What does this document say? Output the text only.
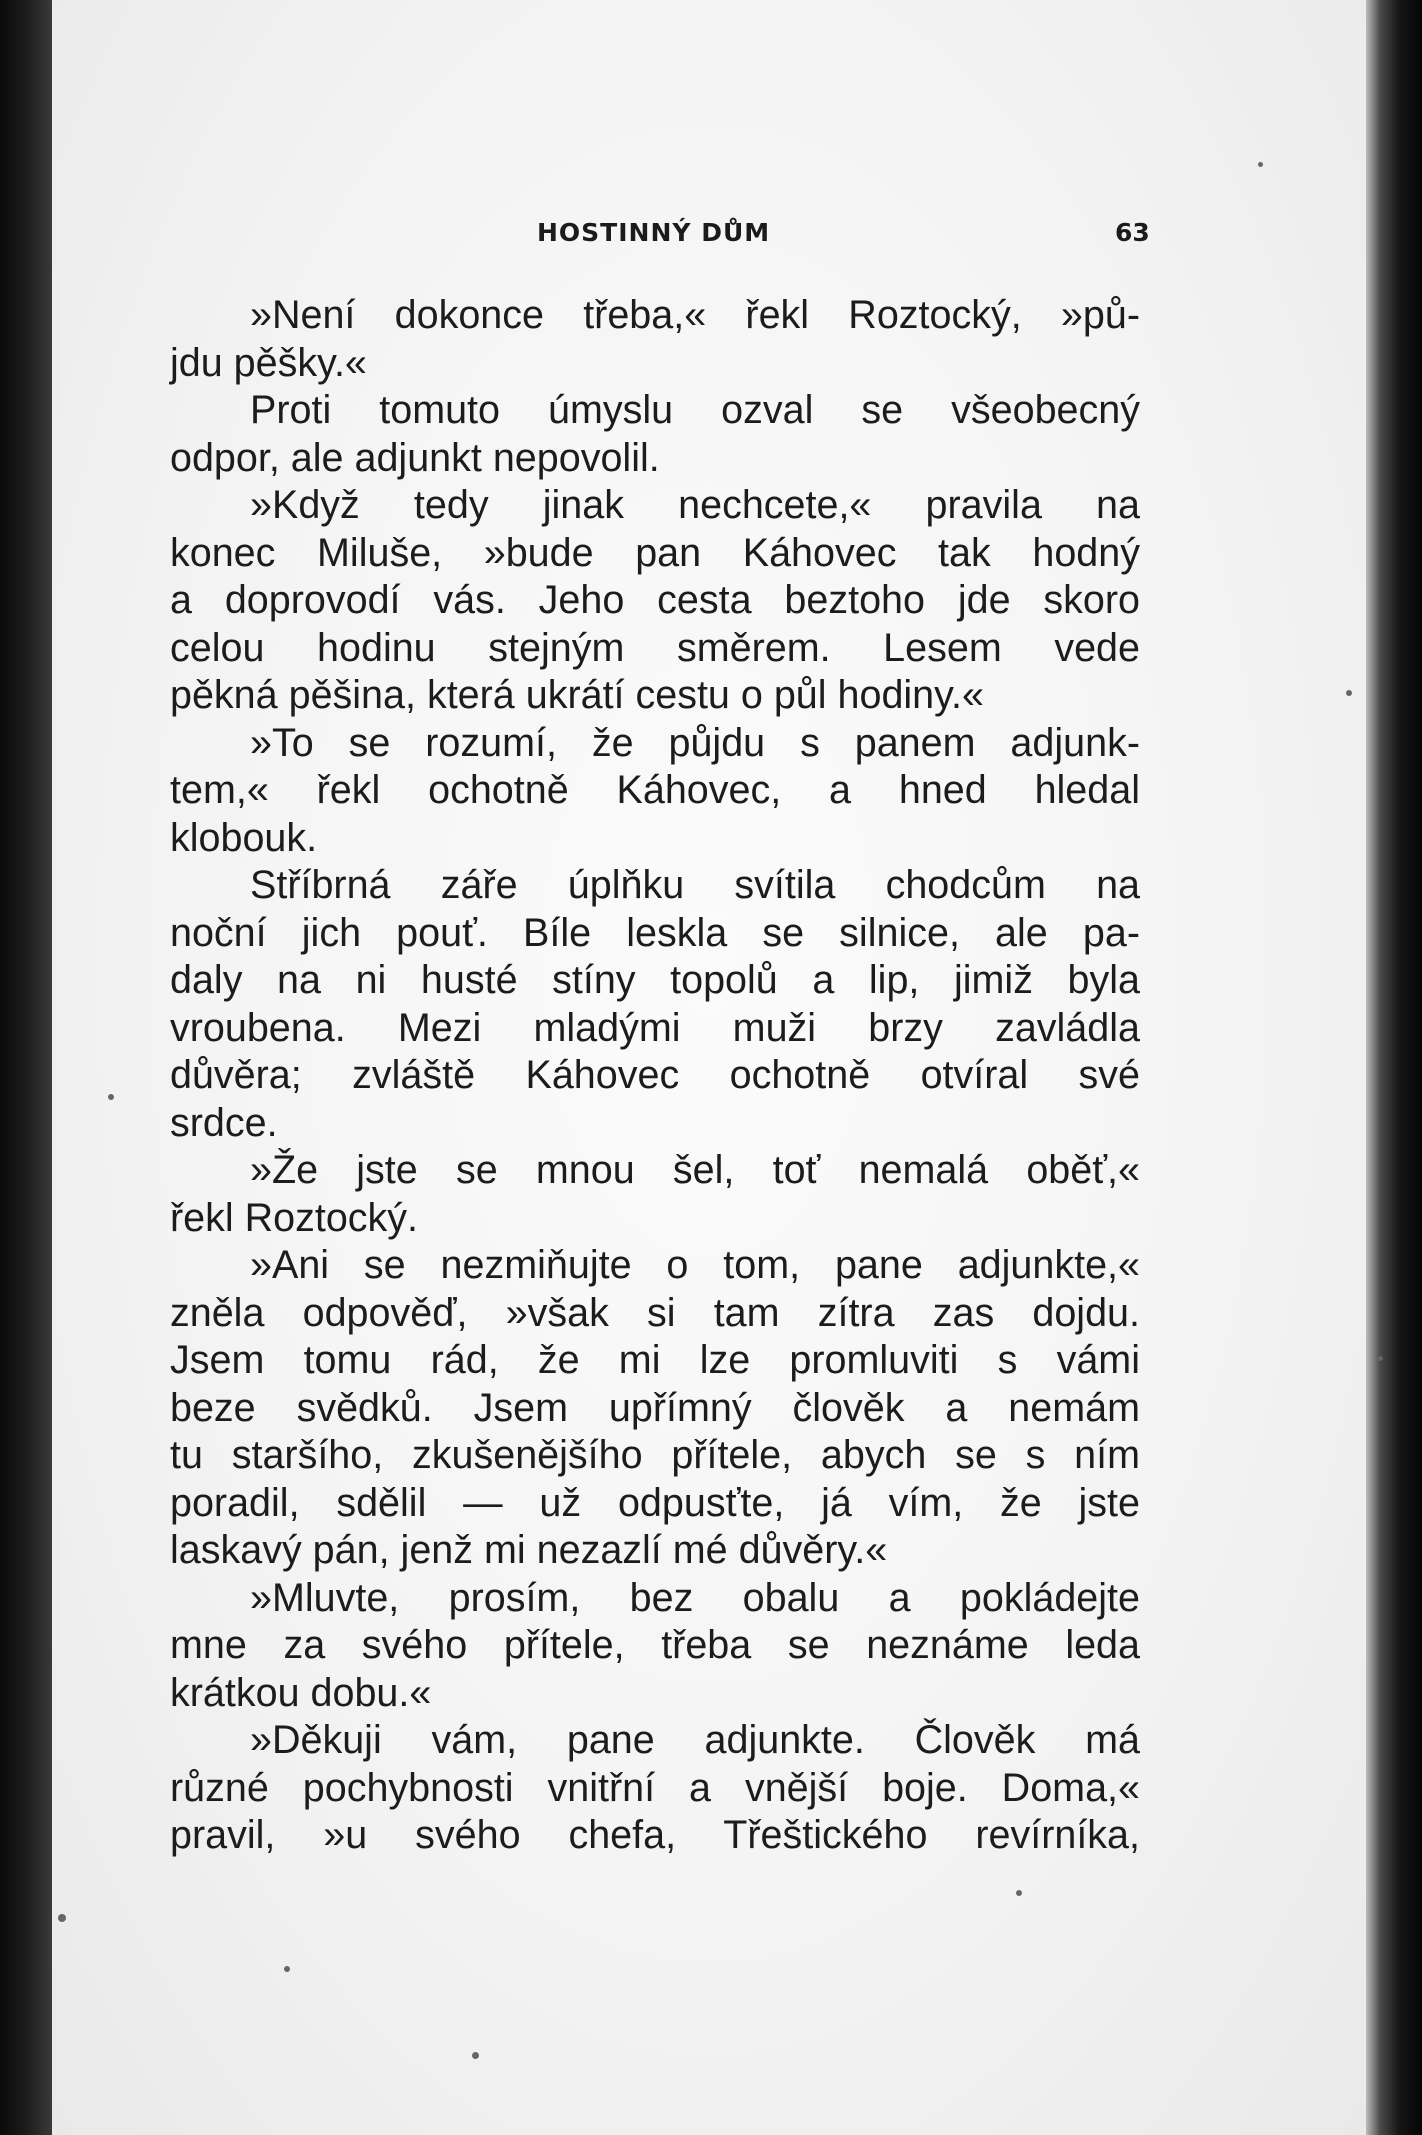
HOSTINNÝ DŮM	63
»Není dokonce třeba,« řekl Roztocký, »pů-
jdu pěšky.«
Proti tomuto úmyslu ozval se všeobecný
odpor, ale adjunkt nepovolil.
»Když tedy jinak nechcete,« pravila na
konec Miluše, »bude pan Káhovec tak hodný
a doprovodí vás. Jeho cesta beztoho jde skoro
celou hodinu stejným směrem. Lesem vede
pěkná pěšina, která ukrátí cestu o půl hodiny.«
»To se rozumí, že půjdu s panem adjunk-
tem,« řekl ochotně Káhovec, a hned hledal
klobouk.
Stříbrná záře úplňku svítila chodcům na
noční jich pouť. Bíle leskla se silnice, ale pa-
daly na ni husté stíny topolů a lip, jimiž byla
vroubena. Mezi mladými muži brzy zavládla
důvěra; zvláště Káhovec ochotně otvíral své
srdce.
»Že jste se mnou šel, toť nemalá oběť,«
řekl Roztocký.
»Ani se nezmiňujte o tom, pane adjunkte,«
zněla odpověď, »však si tam zítra zas dojdu.
Jsem tomu rád, že mi lze promluviti s vámi
beze svědků. Jsem upřímný člověk a nemám
tu staršího, zkušenějšího přítele, abych se s ním
poradil, sdělil — už odpusťte, já vím, že jste
laskavý pán, jenž mi nezazlí mé důvěry.«
»Mluvte, prosím, bez obalu a pokládejte
mne za svého přítele, třeba se neznáme leda
krátkou dobu.«
»Děkuji vám, pane adjunkte. Člověk má
různé pochybnosti vnitřní a vnější boje. Doma,«
pravil, »u svého chefa, Třeštického revírníka,
